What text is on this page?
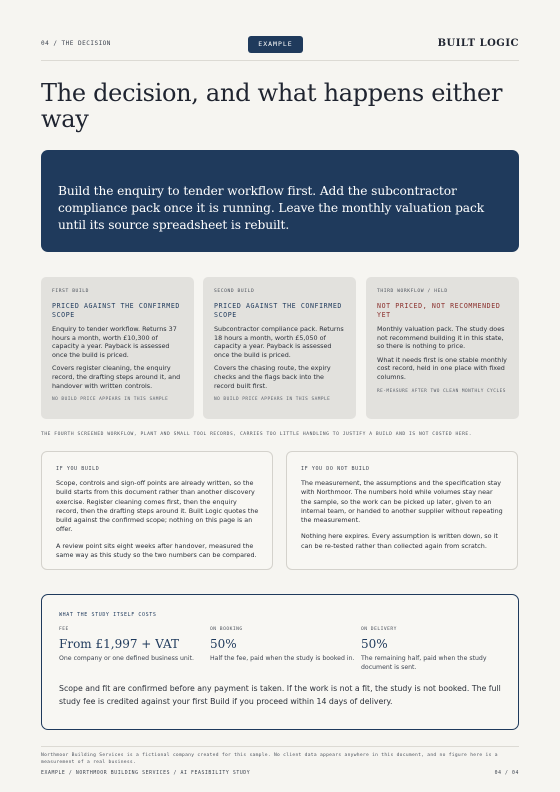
04 / THE DECISION	EXAMPLE	BUILT LOGIC
The decision, and what happens either way

Build the enquiry to tender workflow first. Add the subcontractor compliance pack once it is running. Leave the monthly valuation pack until its source spreadsheet is rebuilt.

FIRST BUILD
PRICED AGAINST THE CONFIRMED SCOPE

Enquiry to tender workflow. Returns 37 hours a month, worth £10,300 of capacity a year. Payback is assessed once the build is priced.

Covers register cleaning, the enquiry record, the drafting steps around it, and handover with written controls.

NO BUILD PRICE APPEARS IN THIS SAMPLE
SECOND BUILD
PRICED AGAINST THE CONFIRMED SCOPE

Subcontractor compliance pack. Returns 18 hours a month, worth £5,050 of capacity a year. Payback is assessed once the build is priced.

Covers the chasing route, the expiry checks and the flags back into the record built first.

NO BUILD PRICE APPEARS IN THIS SAMPLE
THIRD WORKFLOW / HELD
NOT PRICED, NOT RECOMMENDED YET

Monthly valuation pack. The study does not recommend building it in this state, so there is nothing to price.

What it needs first is one stable monthly cost record, held in one place with fixed columns.

RE-MEASURE AFTER TWO CLEAN MONTHLY CYCLES
THE FOURTH SCREENED WORKFLOW, PLANT AND SMALL TOOL RECORDS, CARRIES TOO LITTLE HANDLING TO JUSTIFY A BUILD AND IS NOT COSTED HERE.
IF YOU BUILD

Scope, controls and sign-off points are already written, so the build starts from this document rather than another discovery exercise. Register cleaning comes first, then the enquiry record, then the drafting steps around it. Built Logic quotes the build against the confirmed scope; nothing on this page is an offer.

A review point sits eight weeks after handover, measured the same way as this study so the two numbers can be compared.

IF YOU DO NOT BUILD

The measurement, the assumptions and the specification stay with Northmoor. The numbers hold while volumes stay near the sample, so the work can be picked up later, given to an internal team, or handed to another supplier without repeating the measurement.

Nothing here expires. Every assumption is written down, so it can be re-tested rather than collected again from scratch.

WHAT THE STUDY ITSELF COSTS
FEE
From £1,997 + VAT
One company or one defined business unit.
ON BOOKING
50%
Half the fee, paid when the study is booked in.
ON DELIVERY
50%
The remaining half, paid when the study document is sent.

Scope and fit are confirmed before any payment is taken. If the work is not a fit, the study is not booked. The full study fee is credited against your first Build if you proceed within 14 days of delivery.

Northmoor Building Services is a fictional company created for this sample. No client data appears anywhere in this document, and no figure here is a measurement of a real business.
EXAMPLE / NORTHMOOR BUILDING SERVICES / AI FEASIBILITY STUDY	04 / 04
